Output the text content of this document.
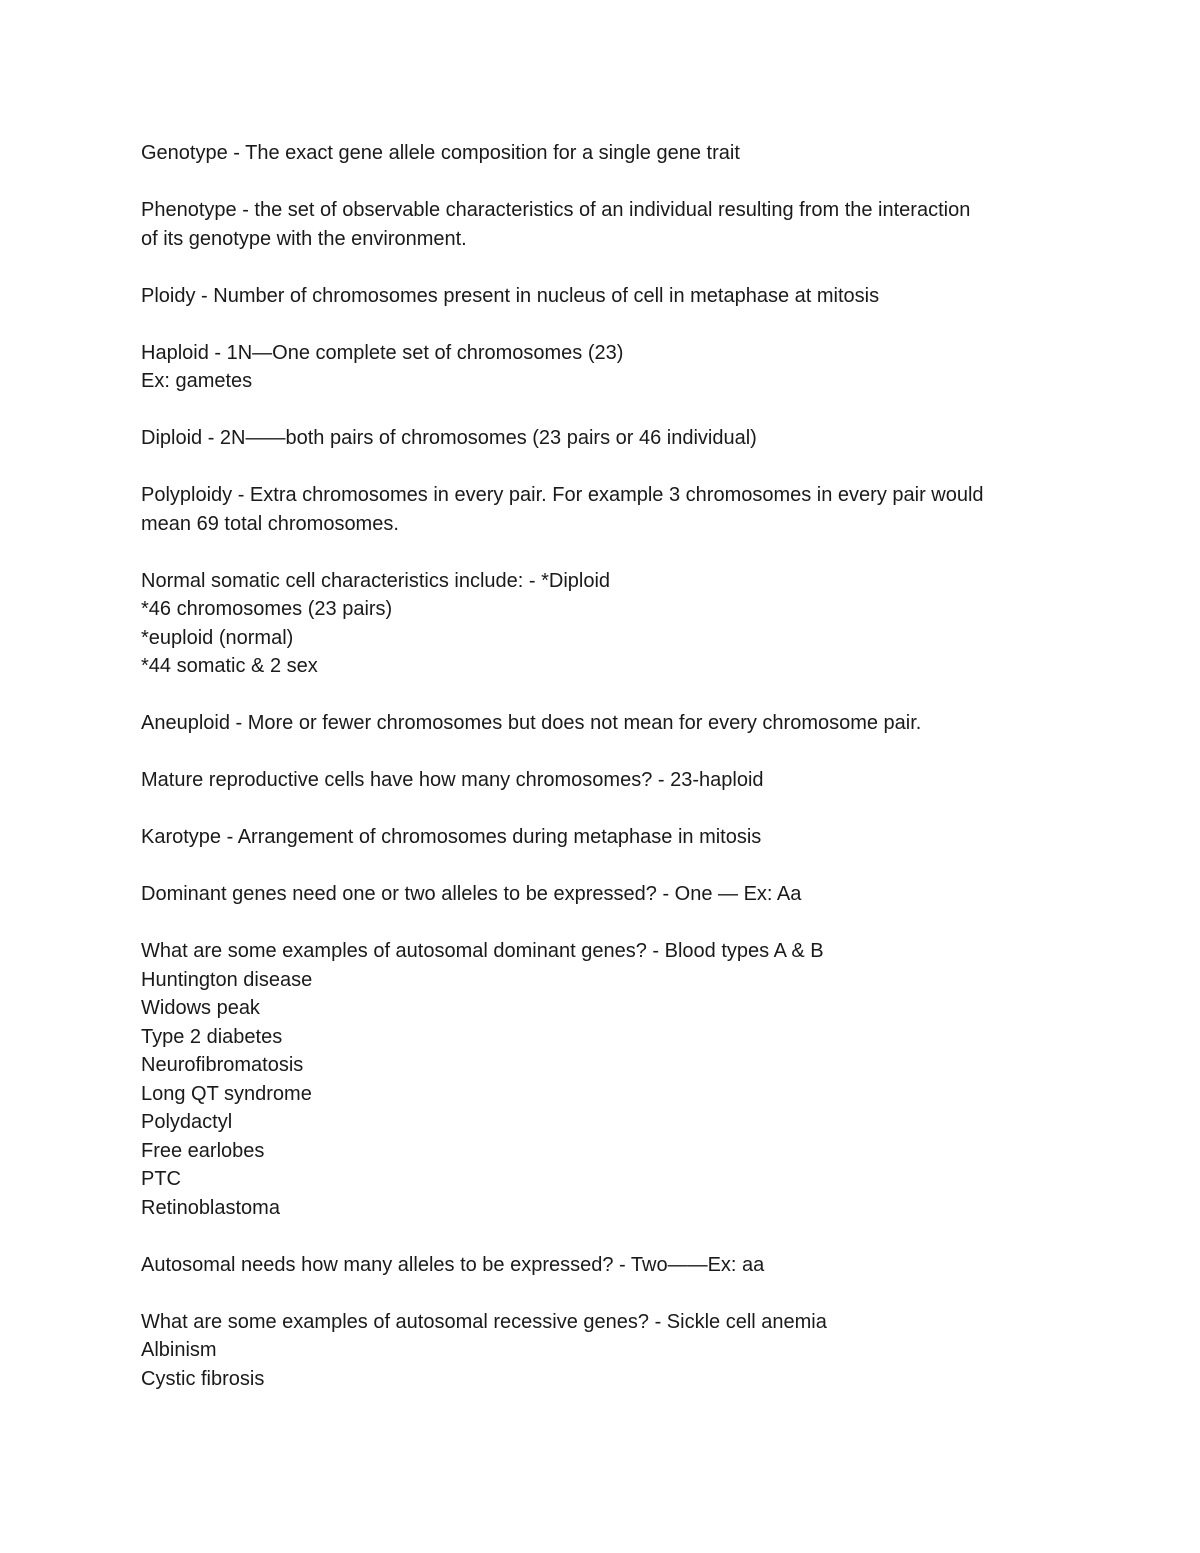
Genotype - The exact gene allele composition for a single gene trait
Phenotype - the set of observable characteristics of an individual resulting from the interaction
of its genotype with the environment.
Ploidy - Number of chromosomes present in nucleus of cell in metaphase at mitosis
Haploid - 1N—One complete set of chromosomes (23)
Ex: gametes
Diploid - 2N——both pairs of chromosomes (23 pairs or 46 individual)
Polyploidy - Extra chromosomes in every pair. For example 3 chromosomes in every pair would
mean 69 total chromosomes.
Normal somatic cell characteristics include: - *Diploid
*46 chromosomes (23 pairs)
*euploid (normal)
*44 somatic & 2 sex
Aneuploid - More or fewer chromosomes but does not mean for every chromosome pair.
Mature reproductive cells have how many chromosomes? - 23-haploid
Karotype - Arrangement of chromosomes during metaphase in mitosis
Dominant genes need one or two alleles to be expressed? - One — Ex: Aa
What are some examples of autosomal dominant genes? - Blood types A & B
Huntington disease
Widows peak
Type 2 diabetes
Neurofibromatosis
Long QT syndrome
Polydactyl
Free earlobes
PTC
Retinoblastoma
Autosomal needs how many alleles to be expressed? - Two——Ex: aa
What are some examples of autosomal recessive genes? - Sickle cell anemia
Albinism
Cystic fibrosis
